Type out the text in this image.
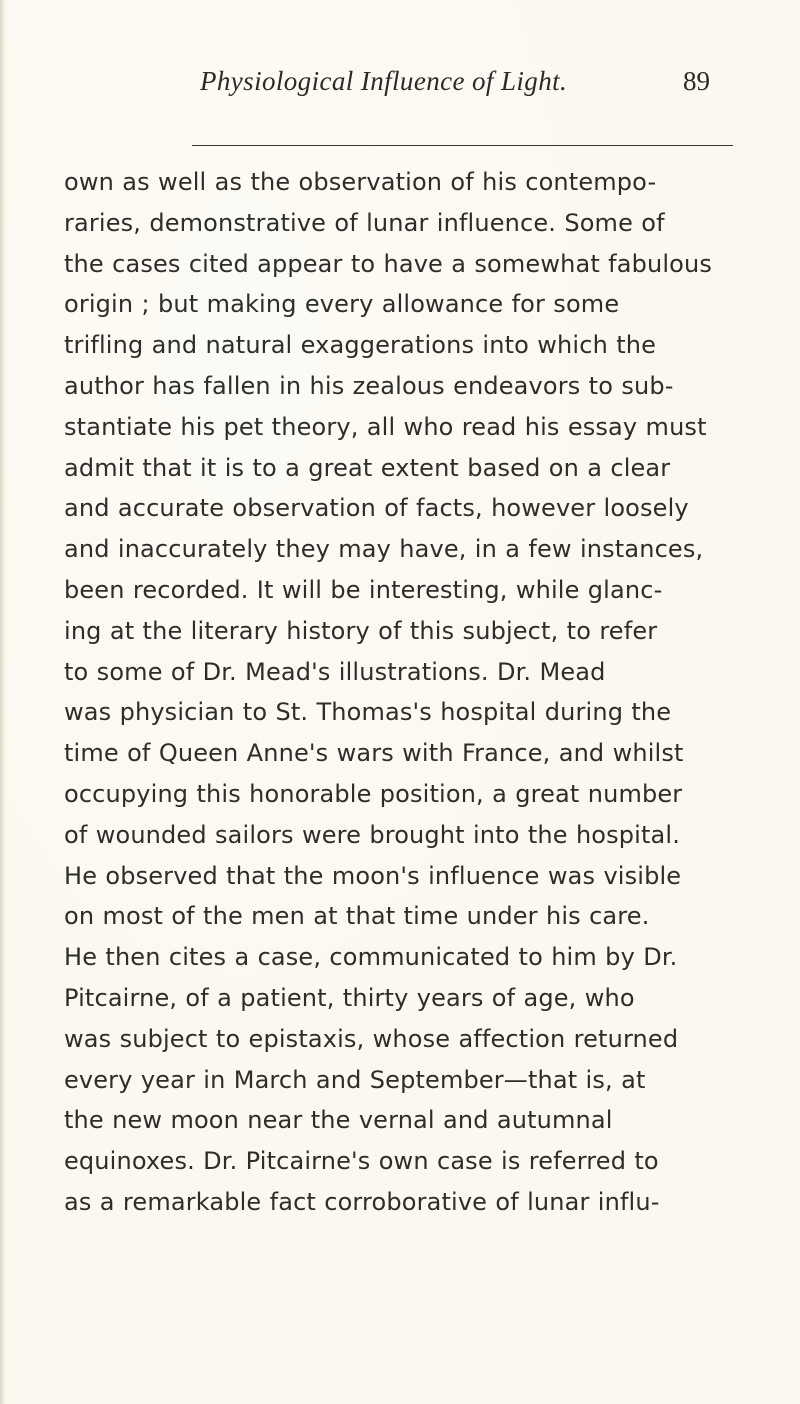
Physiological Influence of Light.	89
own as well as the observation of his contempo-
raries, demonstrative of lunar influence. Some of
the cases cited appear to have a somewhat fabulous
origin ; but making every allowance for some
trifling and natural exaggerations into which the
author has fallen in his zealous endeavors to sub-
stantiate his pet theory, all who read his essay must
admit that it is to a great extent based on a clear
and accurate observation of facts, however loosely
and inaccurately they may have, in a few instances,
been recorded. It will be interesting, while glanc-
ing at the literary history of this subject, to refer
to some of Dr. Mead's illustrations. Dr. Mead
was physician to St. Thomas's hospital during the
time of Queen Anne's wars with France, and whilst
occupying this honorable position, a great number
of wounded sailors were brought into the hospital.
He observed that the moon's influence was visible
on most of the men at that time under his care.
He then cites a case, communicated to him by Dr.
Pitcairne, of a patient, thirty years of age, who
was subject to epistaxis, whose affection returned
every year in March and September—that is, at
the new moon near the vernal and autumnal
equinoxes. Dr. Pitcairne's own case is referred to
as a remarkable fact corroborative of lunar influ-
